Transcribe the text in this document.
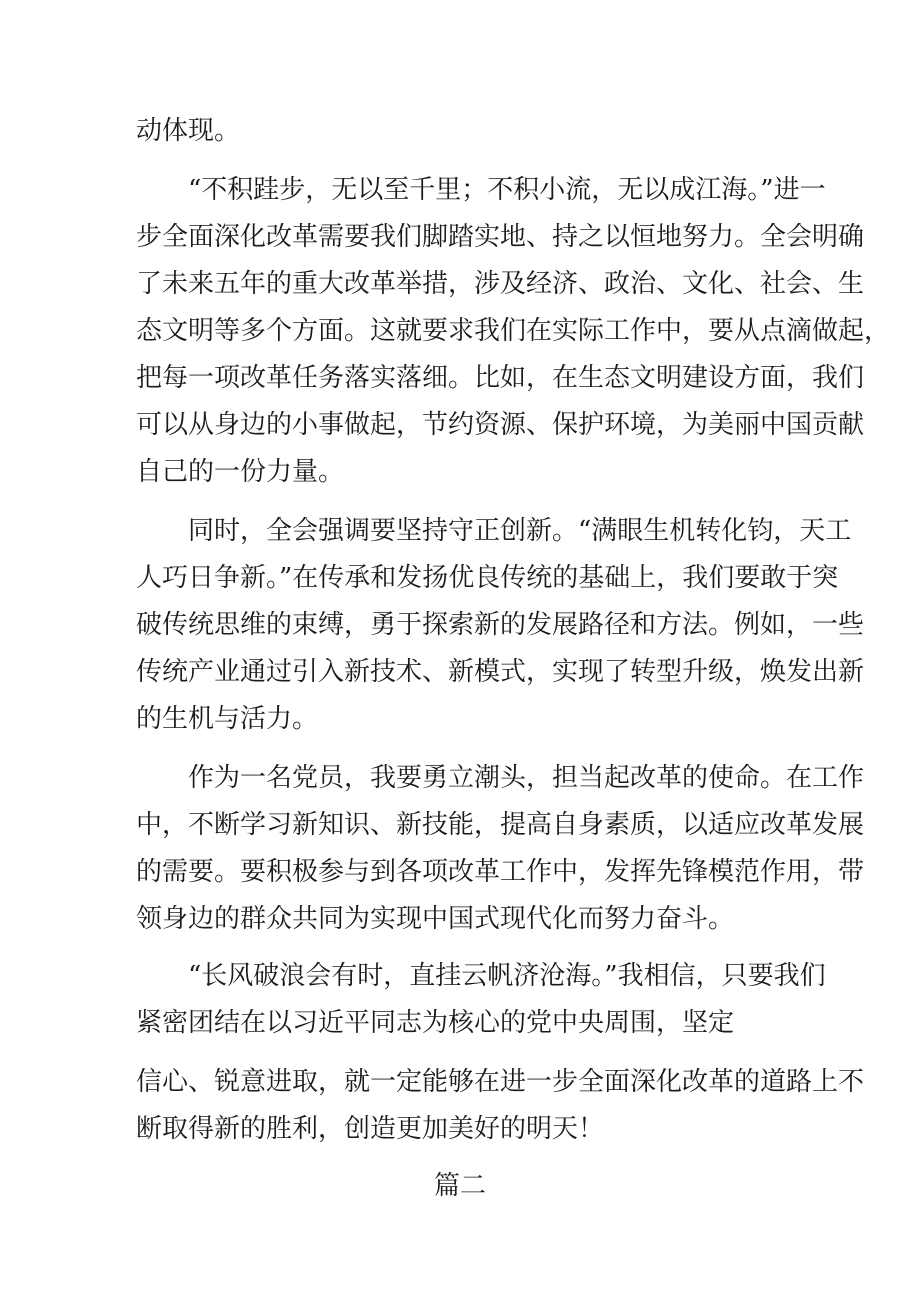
动体现。
“不积跬步，无以至千里；不积小流，无以成江海。”进一
步全面深化改革需要我们脚踏实地、持之以恒地努力。全会明确
了未来五年的重大改革举措，涉及经济、政治、文化、社会、生
态文明等多个方面。这就要求我们在实际工作中，要从点滴做起，
把每一项改革任务落实落细。比如，在生态文明建设方面，我们
可以从身边的小事做起，节约资源、保护环境，为美丽中国贡献
自己的一份力量。
同时，全会强调要坚持守正创新。“满眼生机转化钧，天工
人巧日争新。”在传承和发扬优良传统的基础上，我们要敢于突
破传统思维的束缚，勇于探索新的发展路径和方法。例如，一些
传统产业通过引入新技术、新模式，实现了转型升级，焕发出新
的生机与活力。
作为一名党员，我要勇立潮头，担当起改革的使命。在工作
中，不断学习新知识、新技能，提高自身素质，以适应改革发展
的需要。要积极参与到各项改革工作中，发挥先锋模范作用，带
领身边的群众共同为实现中国式现代化而努力奋斗。
“长风破浪会有时，直挂云帆济沧海。”我相信，只要我们
紧密团结在以习近平同志为核心的党中央周围，坚定
信心、锐意进取，就一定能够在进一步全面深化改革的道路上不
断取得新的胜利，创造更加美好的明天！
篇二
